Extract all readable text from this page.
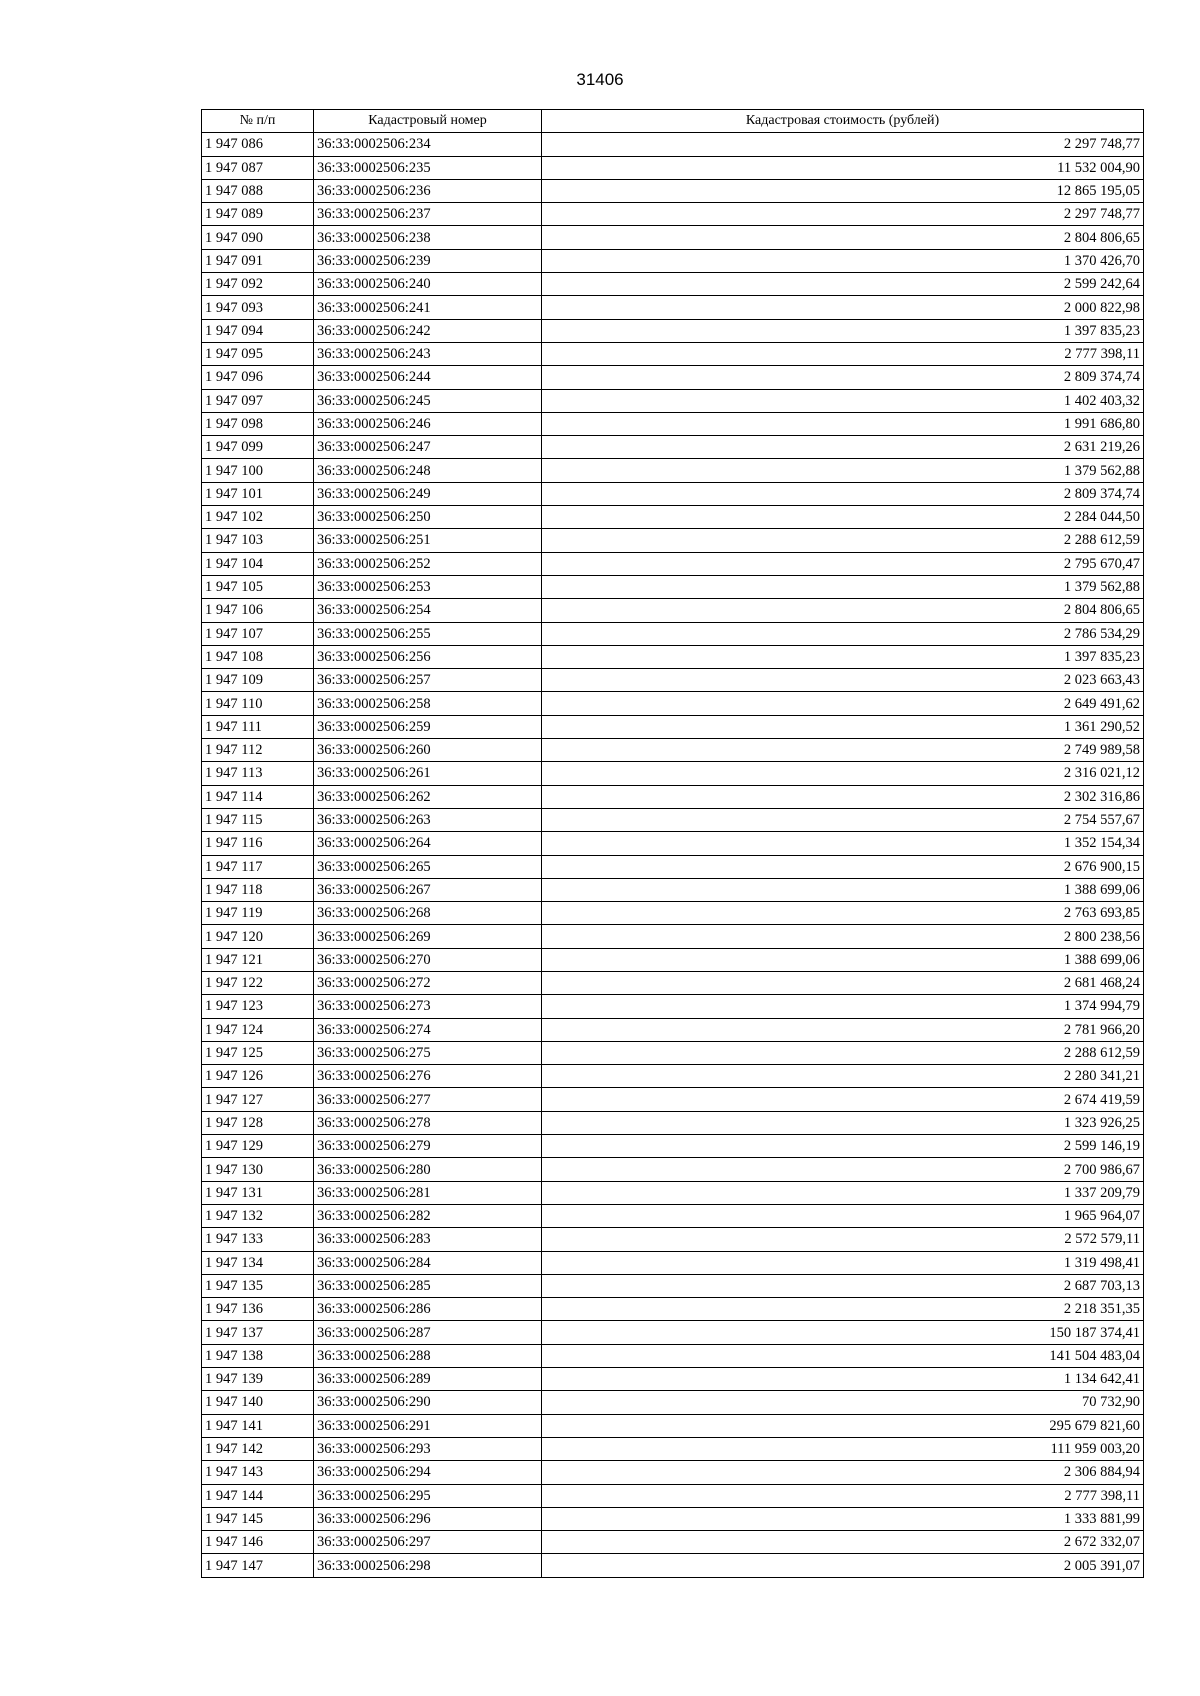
31406
№ п/п	Кадастровый номер	Кадастровая стоимость (рублей)
1 947 086	36:33:0002506:234	2 297 748,77
1 947 087	36:33:0002506:235	11 532 004,90
1 947 088	36:33:0002506:236	12 865 195,05
1 947 089	36:33:0002506:237	2 297 748,77
1 947 090	36:33:0002506:238	2 804 806,65
1 947 091	36:33:0002506:239	1 370 426,70
1 947 092	36:33:0002506:240	2 599 242,64
1 947 093	36:33:0002506:241	2 000 822,98
1 947 094	36:33:0002506:242	1 397 835,23
1 947 095	36:33:0002506:243	2 777 398,11
1 947 096	36:33:0002506:244	2 809 374,74
1 947 097	36:33:0002506:245	1 402 403,32
1 947 098	36:33:0002506:246	1 991 686,80
1 947 099	36:33:0002506:247	2 631 219,26
1 947 100	36:33:0002506:248	1 379 562,88
1 947 101	36:33:0002506:249	2 809 374,74
1 947 102	36:33:0002506:250	2 284 044,50
1 947 103	36:33:0002506:251	2 288 612,59
1 947 104	36:33:0002506:252	2 795 670,47
1 947 105	36:33:0002506:253	1 379 562,88
1 947 106	36:33:0002506:254	2 804 806,65
1 947 107	36:33:0002506:255	2 786 534,29
1 947 108	36:33:0002506:256	1 397 835,23
1 947 109	36:33:0002506:257	2 023 663,43
1 947 110	36:33:0002506:258	2 649 491,62
1 947 111	36:33:0002506:259	1 361 290,52
1 947 112	36:33:0002506:260	2 749 989,58
1 947 113	36:33:0002506:261	2 316 021,12
1 947 114	36:33:0002506:262	2 302 316,86
1 947 115	36:33:0002506:263	2 754 557,67
1 947 116	36:33:0002506:264	1 352 154,34
1 947 117	36:33:0002506:265	2 676 900,15
1 947 118	36:33:0002506:267	1 388 699,06
1 947 119	36:33:0002506:268	2 763 693,85
1 947 120	36:33:0002506:269	2 800 238,56
1 947 121	36:33:0002506:270	1 388 699,06
1 947 122	36:33:0002506:272	2 681 468,24
1 947 123	36:33:0002506:273	1 374 994,79
1 947 124	36:33:0002506:274	2 781 966,20
1 947 125	36:33:0002506:275	2 288 612,59
1 947 126	36:33:0002506:276	2 280 341,21
1 947 127	36:33:0002506:277	2 674 419,59
1 947 128	36:33:0002506:278	1 323 926,25
1 947 129	36:33:0002506:279	2 599 146,19
1 947 130	36:33:0002506:280	2 700 986,67
1 947 131	36:33:0002506:281	1 337 209,79
1 947 132	36:33:0002506:282	1 965 964,07
1 947 133	36:33:0002506:283	2 572 579,11
1 947 134	36:33:0002506:284	1 319 498,41
1 947 135	36:33:0002506:285	2 687 703,13
1 947 136	36:33:0002506:286	2 218 351,35
1 947 137	36:33:0002506:287	150 187 374,41
1 947 138	36:33:0002506:288	141 504 483,04
1 947 139	36:33:0002506:289	1 134 642,41
1 947 140	36:33:0002506:290	70 732,90
1 947 141	36:33:0002506:291	295 679 821,60
1 947 142	36:33:0002506:293	111 959 003,20
1 947 143	36:33:0002506:294	2 306 884,94
1 947 144	36:33:0002506:295	2 777 398,11
1 947 145	36:33:0002506:296	1 333 881,99
1 947 146	36:33:0002506:297	2 672 332,07
1 947 147	36:33:0002506:298	2 005 391,07
